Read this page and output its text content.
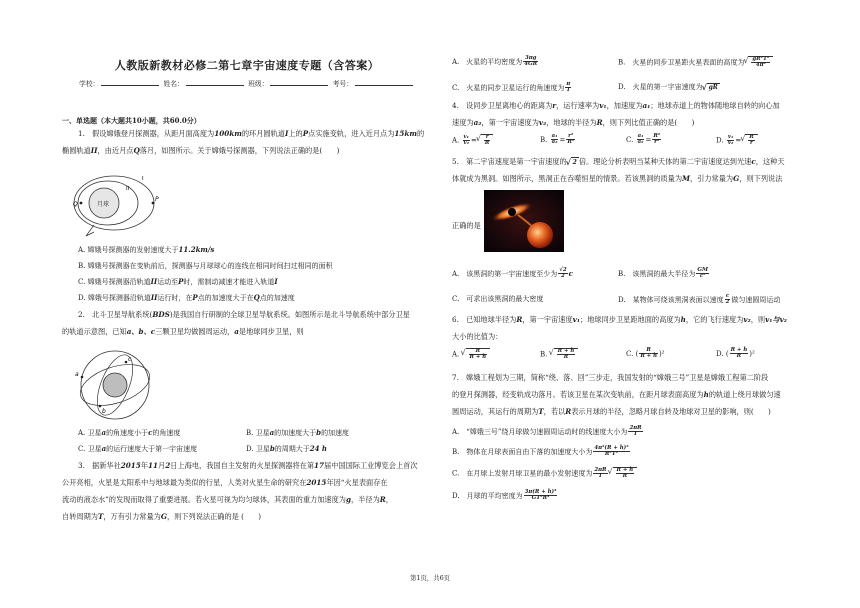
人教版新教材必修二第七章宇宙速度专题（含答案）
学校：	姓名：	班级：	考号：
一、单选题（本大题共10小题，共60.0分）
1.　假设嫦娥登月探测器，从距月面高度为100km的环月圆轨道I上的P点实施变轨，进入近月点为15km的
椭圆轨道II，由近月点Q落月，如图所示。关于嫦娥号探测器，下列说法正确的是(　　)
月球
P
Q
I
II
A. 嫦娥号探测器的发射速度大于11.2km/s
B. 嫦娥号探测器在变轨前后，探测器与月球球心的连线在相同时间扫过相同的面积
C. 嫦娥号探测器沿轨道II运动至P时，需制动减速才能进入轨道I
D. 嫦娥号探测器沿轨道II运行时，在P点的加速度大于在Q点的加速度
2.　北斗卫星导航系统(BDS)是我国自行研制的全球卫星导航系统。如图所示是北斗导航系统中部分卫星
的轨道示意图，已知a、b、c三颗卫星均做圆周运动，a是地球同步卫星，则
c
a
b
A. 卫星a的角速度小于c的角速度	B. 卫星a的加速度大于b的加速度
C. 卫星a的运行速度大于第一宇宙速度	D. 卫星b的周期大于24 h
3.　据新华社2015年11月2日上海电，我国自主发射的火星探测器将在第17届中国国际工业博览会上首次
公开亮相，火星是太阳系中与地球最为类似的行星，人类对火星生命的研究在2015年因“火星表面存在
流动的液态水”的发现而取得了重要进展。若火星可视为均匀球体，其表面的重力加速度为g，半径为R，
自转周期为T，万有引力常量为G，则下列说法正确的是 (　　)
A.　火星的平均密度为 $\frac{3\pi g}{4GR}$	B.　火星的同步卫星距火星表面的高度为 √ $\frac{\text{gR²T²}}{\text{4π²}}$
C.　火星的同步卫星运行的角速度为 $\frac{\pi}{T}$	D.　火星的第一宇宙速度为 √ gR
4.　设同步卫星离地心的距离为r，运行速率为v₁，加速度为a₁；地球赤道上的物体随地球自转的向心加
速度为a₂，第一宇宙速度为v₂，地球的半径为R，则下列比值正确的是(　　)
A. $\frac{\text{v₁}}{\text{v₂}}$ = √ $\frac{r}{R}$	B. $\frac{\text{a₁}}{\text{a₂}} = \frac{\text{r²}}{\text{R²}}$	C. $\frac{\text{a₁}}{\text{a₂}} = \frac{\text{R²}}{\text{r²}}$	D. $\frac{\text{v₁}}{\text{v₂}}$ = √ $\frac{R}{r}$
5.　第二宇宙速度是第一宇宙速度的 √ 2 倍。理论分析表明当某种天体的第二宇宙速度达到光速c，这种天
体就成为黑洞。如图所示，黑洞正在吞噬恒星的情景。若该黑洞的质量为M，引力常量为G，则下列说法
正确的是
A.　该黑洞的第一宇宙速度至少为 $\frac{√2}{2}$ c	B.　该黑洞的最大半径为 $\frac{GM}{\text{c²}}$
C.　可求出该黑洞的最大密度	D.　某物体可绕该黑洞表面以速度 $\frac{c}{2}$ 做匀速圆周运动
6.　已知地球半径为R，第一宇宙速度v₁；地球同步卫星距地面的高度为h，它的飞行速度为v₂，则v₁与v₂
大小的比值为：
A. √ $\frac{R}{R + h}$	B. √ $\frac{R + h}{R}$	C. ( $\frac{R}{R + h} )^2$	D. ( $\frac{R + h}{R} )^2$
7.　嫦娥工程划为三期，简称“绕、落、回”三步走，我国发射的“嫦娥三号”卫星是嫦娥工程第二阶段
的登月探测器，经变轨成功落月。若该卫星在某次变轨前，在距月球表面高度为h的轨道上绕月球做匀速
圆周运动，其运行的周期为T，若以R表示月球的半径，忽略月球自转及地球对卫星的影响，则(　　)
A.　“嫦娥三号”绕月球做匀速圆周运动时的线速度大小为 $\frac{2\pi R}{T}$
B.　物体在月球表面自由下落的加速度大小为 $\frac{\text{4π²(R + h)³}}{\text{R²T²}}$
C.　在月球上发射月球卫星的最小发射速度为 $\frac{2\pi R}{T}$ √ $\frac{R + h}{R}$
D.　月球的平均密度为 $\frac{\text{3π(R + h)³}}{\text{GT²R³}}$
第1页，共6页
